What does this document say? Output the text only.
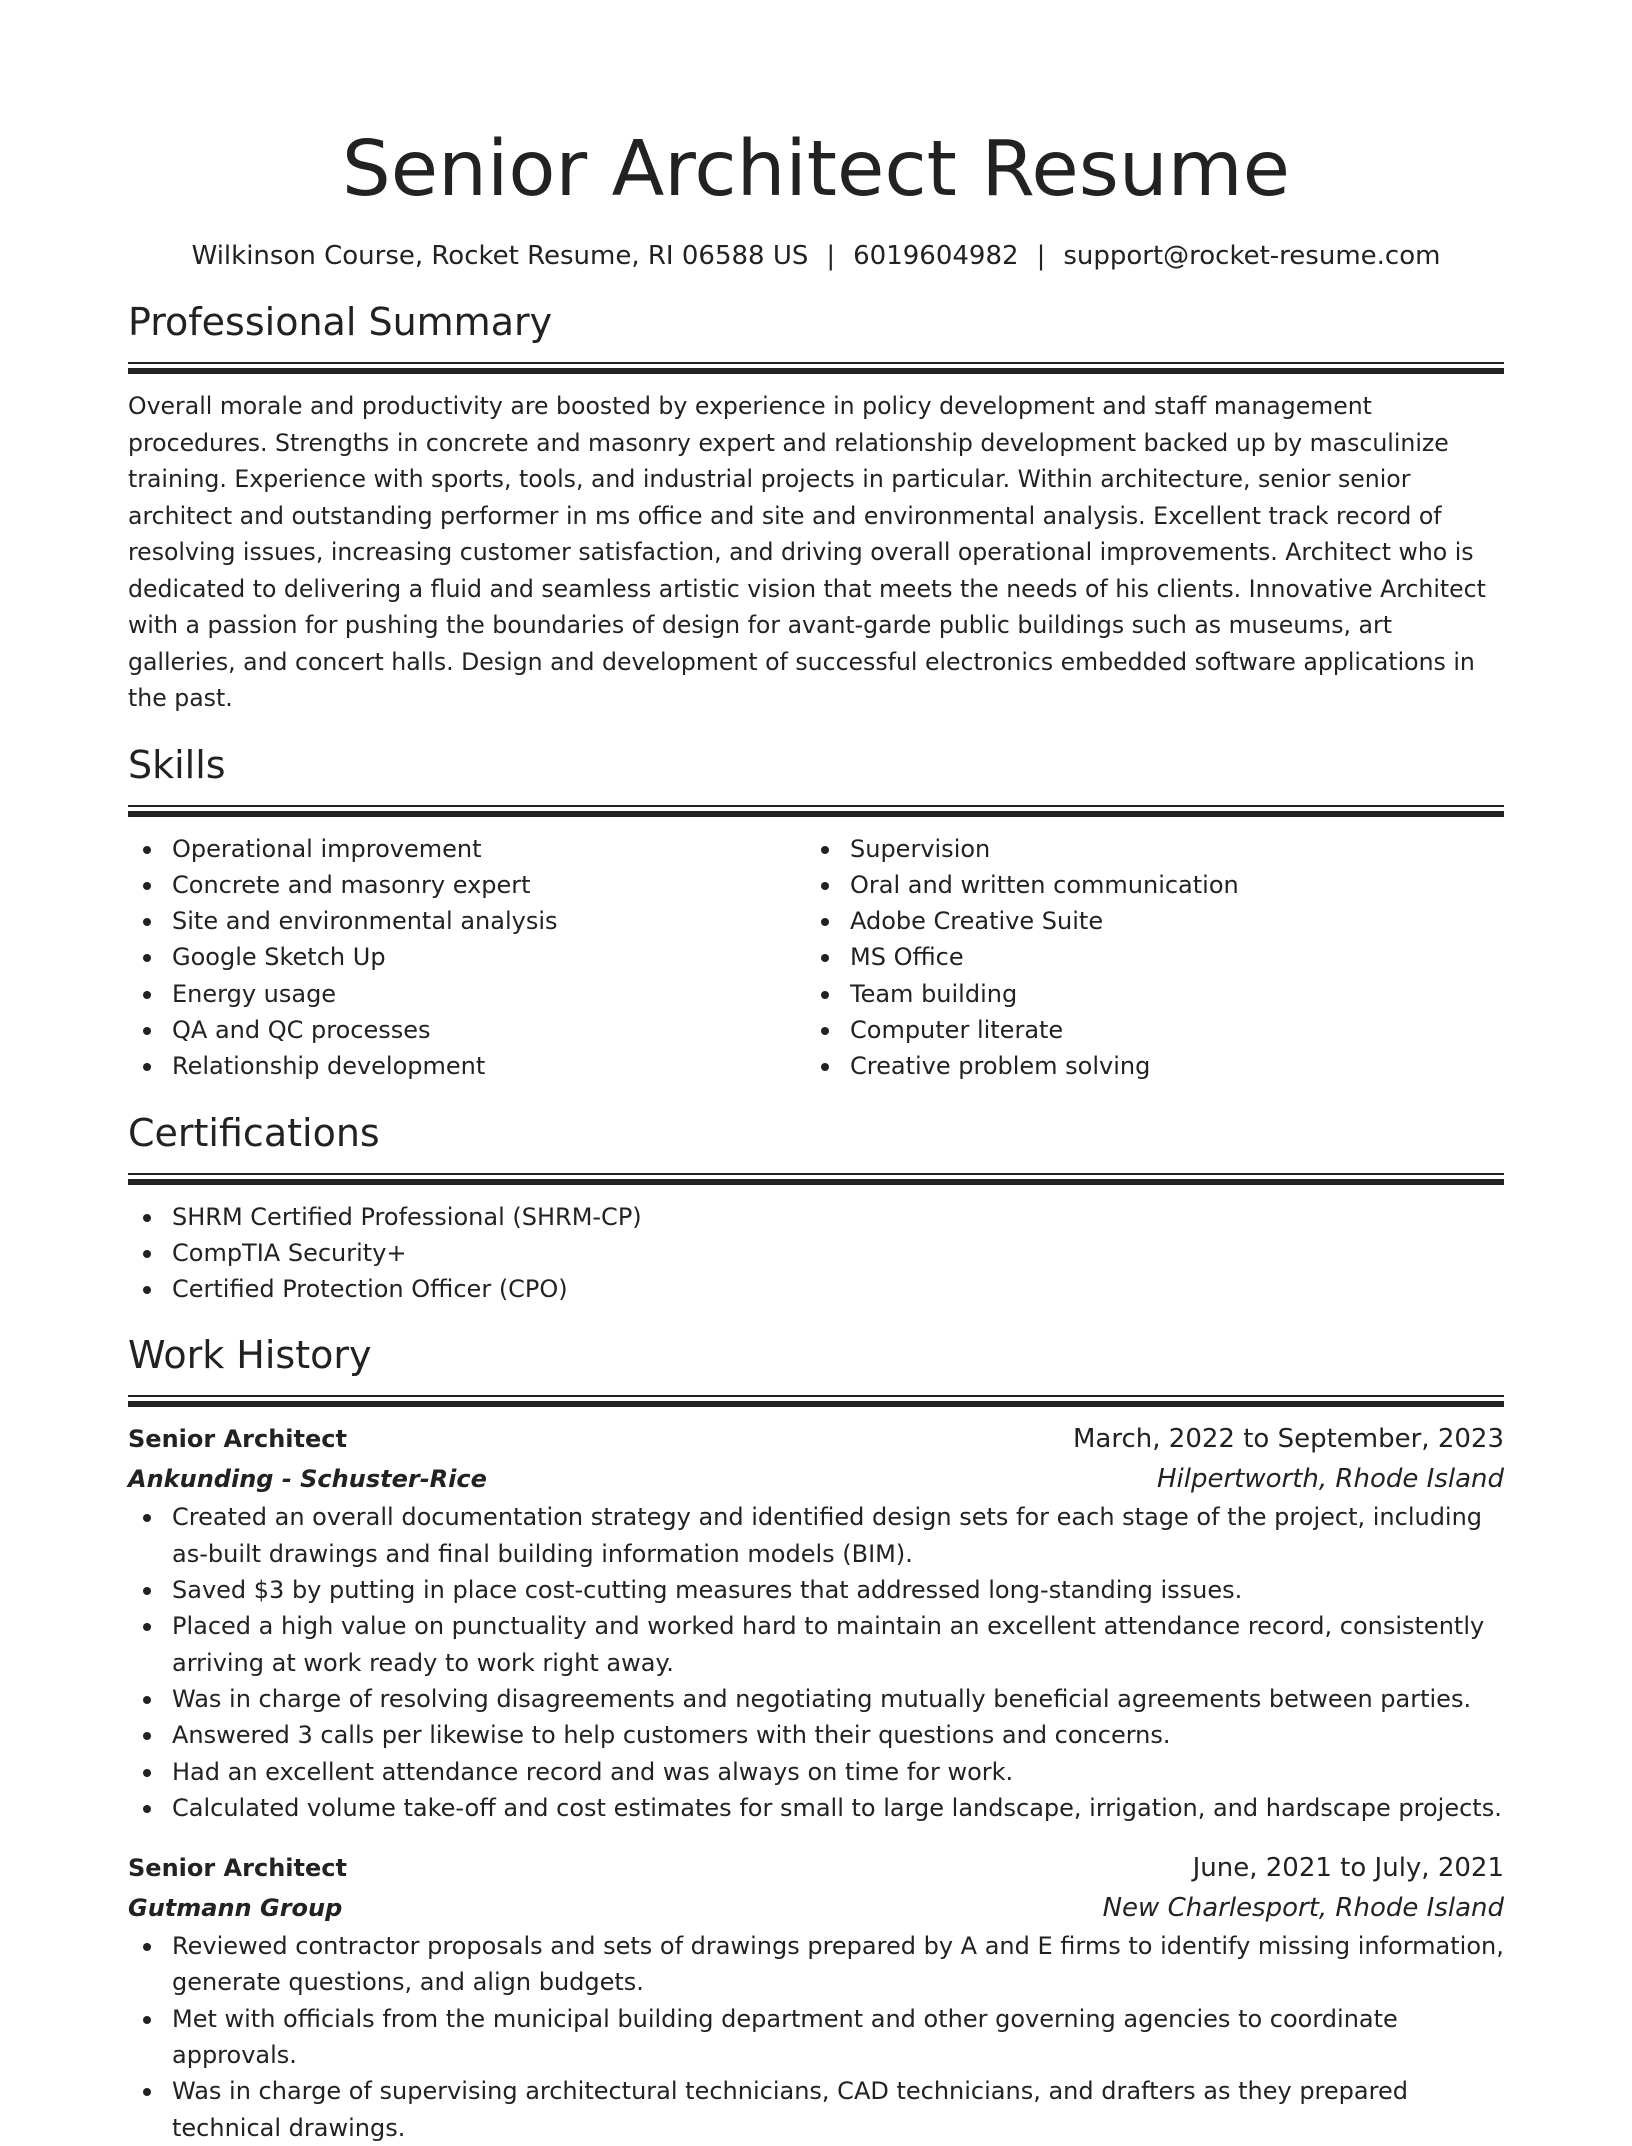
Senior Architect Resume
Wilkinson Course, Rocket Resume, RI 06588 US | 6019604982 | support@rocket-resume.com
Professional Summary
Overall morale and productivity are boosted by experience in policy development and staff management procedures. Strengths in concrete and masonry expert and relationship development backed up by masculinize training. Experience with sports, tools, and industrial projects in particular. Within architecture, senior senior architect and outstanding performer in ms office and site and environmental analysis. Excellent track record of resolving issues, increasing customer satisfaction, and driving overall operational improvements. Architect who is dedicated to delivering a fluid and seamless artistic vision that meets the needs of his clients. Innovative Architect with a passion for pushing the boundaries of design for avant-garde public buildings such as museums, art galleries, and concert halls. Design and development of successful electronics embedded software applications in the past.
Skills
Operational improvement
Concrete and masonry expert
Site and environmental analysis
Google Sketch Up
Energy usage
QA and QC processes
Relationship development
Supervision
Oral and written communication
Adobe Creative Suite
MS Office
Team building
Computer literate
Creative problem solving
Certifications
SHRM Certified Professional (SHRM-CP)
CompTIA Security+
Certified Protection Officer (CPO)
Work History
Senior Architect	March, 2022 to September, 2023
Ankunding - Schuster-Rice	Hilpertworth, Rhode Island
Created an overall documentation strategy and identified design sets for each stage of the project, including as-built drawings and final building information models (BIM).
Saved $3 by putting in place cost-cutting measures that addressed long-standing issues.
Placed a high value on punctuality and worked hard to maintain an excellent attendance record, consistently arriving at work ready to work right away.
Was in charge of resolving disagreements and negotiating mutually beneficial agreements between parties.
Answered 3 calls per likewise to help customers with their questions and concerns.
Had an excellent attendance record and was always on time for work.
Calculated volume take-off and cost estimates for small to large landscape, irrigation, and hardscape projects.
Senior Architect	June, 2021 to July, 2021
Gutmann Group	New Charlesport, Rhode Island
Reviewed contractor proposals and sets of drawings prepared by A and E firms to identify missing information, generate questions, and align budgets.
Met with officials from the municipal building department and other governing agencies to coordinate approvals.
Was in charge of supervising architectural technicians, CAD technicians, and drafters as they prepared technical drawings.
